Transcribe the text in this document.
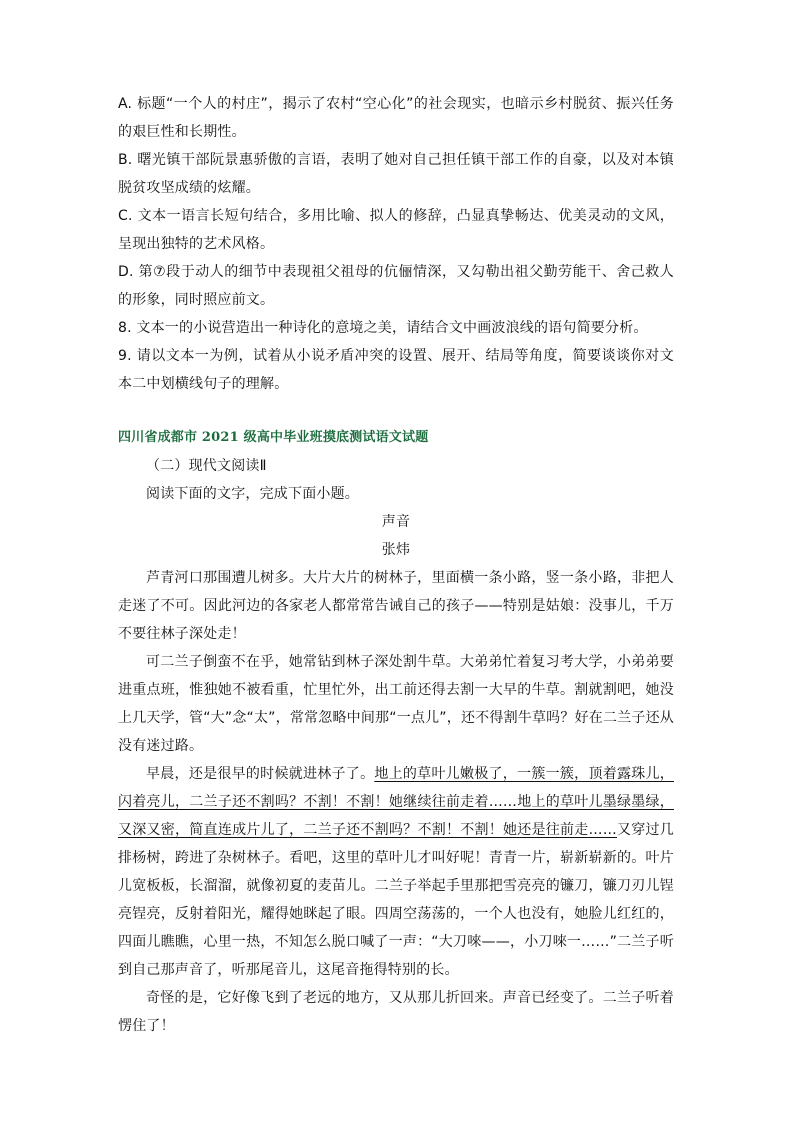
A. 标题“一个人的村庄”，揭示了农村“空心化”的社会现实，也暗示乡村脱贫、振兴任务的艰巨性和长期性。

B. 曙光镇干部阮景惠骄傲的言语，表明了她对自己担任镇干部工作的自豪，以及对本镇脱贫攻坚成绩的炫耀。

C. 文本一语言长短句结合，多用比喻、拟人的修辞，凸显真挚畅达、优美灵动的文风，呈现出独特的艺术风格。

D. 第⑦段于动人的细节中表现祖父祖母的伉俪情深，又勾勒出祖父勤劳能干、舍己救人的形象，同时照应前文。

8. 文本一的小说营造出一种诗化的意境之美，请结合文中画波浪线的语句简要分析。

9. 请以文本一为例，试着从小说矛盾冲突的设置、展开、结局等角度，简要谈谈你对文本二中划横线句子的理解。

四川省成都市 2021 级高中毕业班摸底测试语文试题

（二）现代文阅读Ⅱ

阅读下面的文字，完成下面小题。

声音

张炜

芦青河口那围遭儿树多。大片大片的树林子，里面横一条小路，竖一条小路，非把人走迷了不可。因此河边的各家老人都常常告诫自己的孩子——特别是姑娘：没事儿，千万不要往林子深处走！

可二兰子倒蛮不在乎，她常钻到林子深处割牛草。大弟弟忙着复习考大学，小弟弟要进重点班，惟独她不被看重，忙里忙外，出工前还得去割一大早的牛草。割就割吧，她没上几天学，管“大”念“太”，常常忽略中间那“一点儿”，还不得割牛草吗？好在二兰子还从没有迷过路。

早晨，还是很早的时候就进林子了。地上的草叶儿嫩极了，一簇一簇，顶着露珠儿，闪着亮儿，二兰子还不割吗？不割！不割！她继续往前走着……地上的草叶儿墨绿墨绿，又深又密，简直连成片儿了，二兰子还不割吗？不割！不割！她还是往前走……又穿过几排杨树，跨进了杂树林子。看吧，这里的草叶儿才叫好呢！青青一片，崭新崭新的。叶片儿宽板板，长溜溜，就像初夏的麦苗儿。二兰子举起手里那把雪亮亮的镰刀，镰刀刃儿锃亮锃亮，反射着阳光，耀得她眯起了眼。四周空荡荡的，一个人也没有，她脸儿红红的，四面儿瞧瞧，心里一热，不知怎么脱口喊了一声：“大刀唻——，小刀唻一……”二兰子听到自己那声音了，听那尾音儿，这尾音拖得特别的长。

奇怪的是，它好像飞到了老远的地方，又从那儿折回来。声音已经变了。二兰子听着愣住了！
